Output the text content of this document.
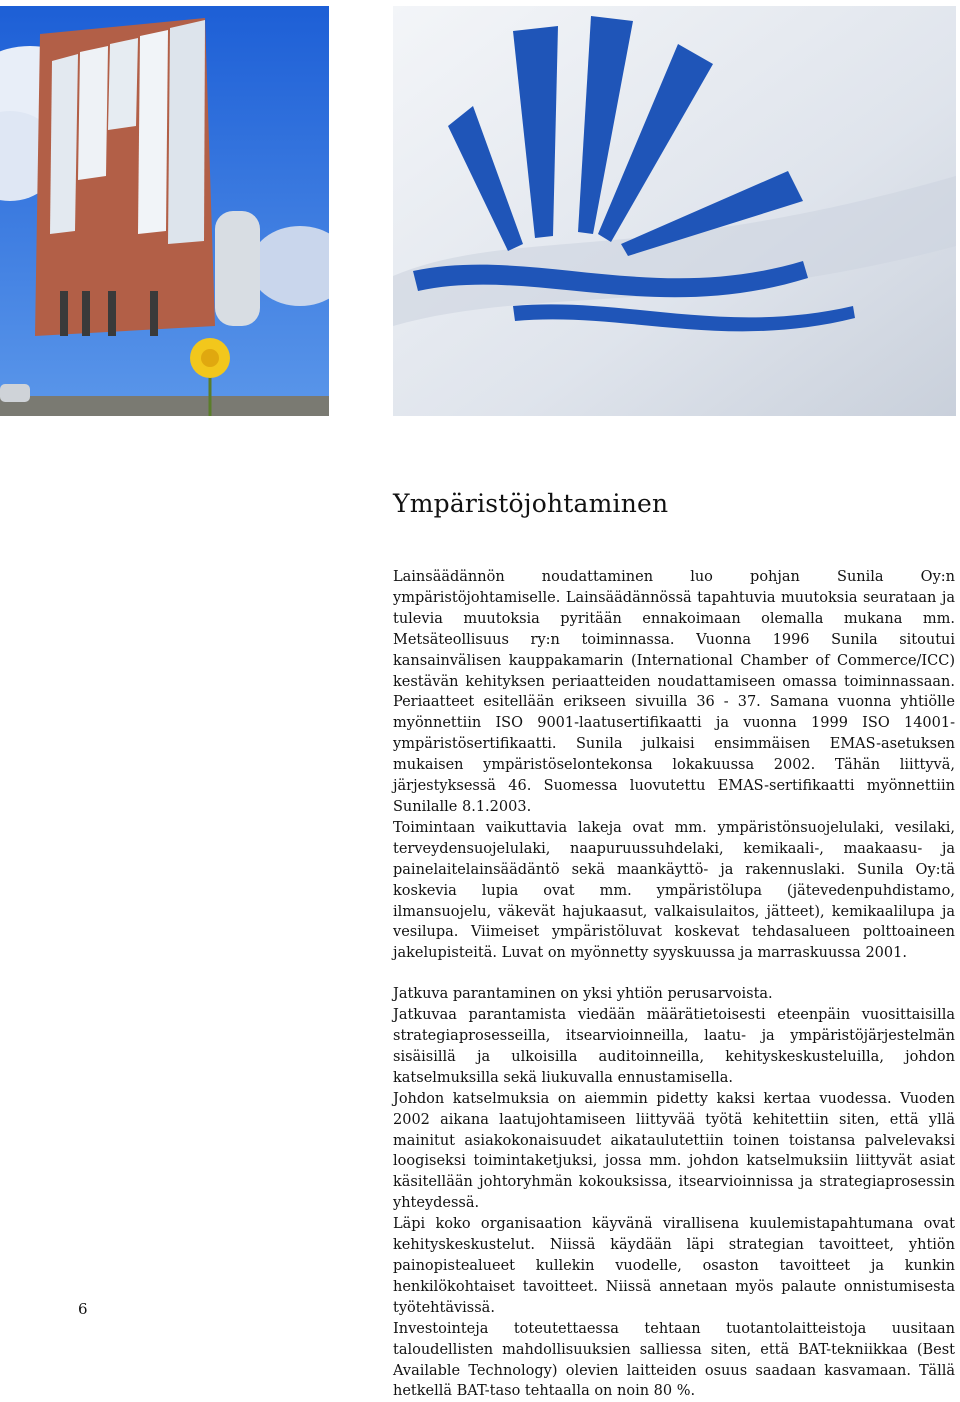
Ympäristöjohtaminen

Lainsäädännön noudattaminen luo pohjan Sunila Oy:n ympäristöjohtamiselle. Lainsäädännössä tapahtuvia muutoksia seurataan ja tulevia muutoksia pyritään ennakoimaan olemalla mukana mm. Metsäteollisuus ry:n toiminnassa. Vuonna 1996 Sunila sitoutui kansainvälisen kauppakamarin (International Chamber of Commerce/ICC) kestävän kehityksen periaatteiden noudattamiseen omassa toiminnassaan. Periaatteet esitellään erikseen sivuilla 36 - 37. Samana vuonna yhtiölle myönnettiin ISO 9001-laatusertifikaatti ja vuonna 1999 ISO 14001-ympäristösertifikaatti. Sunila julkaisi ensimmäisen EMAS-asetuksen mukaisen ympäristöselontekonsa lokakuussa 2002. Tähän liittyvä, järjestyksessä 46. Suomessa luovutettu EMAS-sertifikaatti myönnettiin Sunilalle 8.1.2003.

Toimintaan vaikuttavia lakeja ovat mm. ympäristönsuojelulaki, vesilaki, terveydensuojelulaki, naapuruussuhdelaki, kemikaali-, maakaasu- ja painelaitelainsäädäntö sekä maankäyttö- ja rakennuslaki. Sunila Oy:tä koskevia lupia ovat mm. ympäristölupa (jätevedenpuhdistamo, ilmansuojelu, väkevät hajukaasut, valkaisulaitos, jätteet), kemikaalilupa ja vesilupa. Viimeiset ympäristöluvat koskevat tehdasalueen polttoaineen jakelupisteitä. Luvat on myönnetty syyskuussa ja marraskuussa 2001.

Jatkuva parantaminen on yksi yhtiön perusarvoista.

Jatkuvaa parantamista viedään määrätietoisesti eteenpäin vuosittaisilla strategiaprosesseilla, itsearvioinneilla, laatu- ja ympäristöjärjestelmän sisäisillä ja ulkoisilla auditoinneilla, kehityskeskusteluilla, johdon katselmuksilla sekä liukuvalla ennustamisella.

Johdon katselmuksia on aiemmin pidetty kaksi kertaa vuodessa. Vuoden 2002 aikana laatujohtamiseen liittyvää työtä kehitettiin siten, että yllä mainitut asiakokonaisuudet aikataulutettiin toinen toistansa palvelevaksi loogiseksi toimintaketjuksi, jossa mm. johdon katselmuksiin liittyvät asiat käsitellään johtoryhmän kokouksissa, itsearvioinnissa ja strategiaprosessin yhteydessä.

Läpi koko organisaation käyvänä virallisena kuulemistapahtumana ovat kehityskeskustelut. Niissä käydään läpi strategian tavoitteet, yhtiön painopistealueet kullekin vuodelle, osaston tavoitteet ja kunkin henkilökohtaiset tavoitteet. Niissä annetaan myös palaute onnistumisesta työtehtävissä.

Investointeja toteutettaessa tehtaan tuotantolaitteistoja uusitaan taloudellisten mahdollisuuksien salliessa siten, että BAT-tekniikkaa (Best Available Technology) olevien laitteiden osuus saadaan kasvamaan. Tällä hetkellä BAT-taso tehtaalla on noin 80 %.

6
